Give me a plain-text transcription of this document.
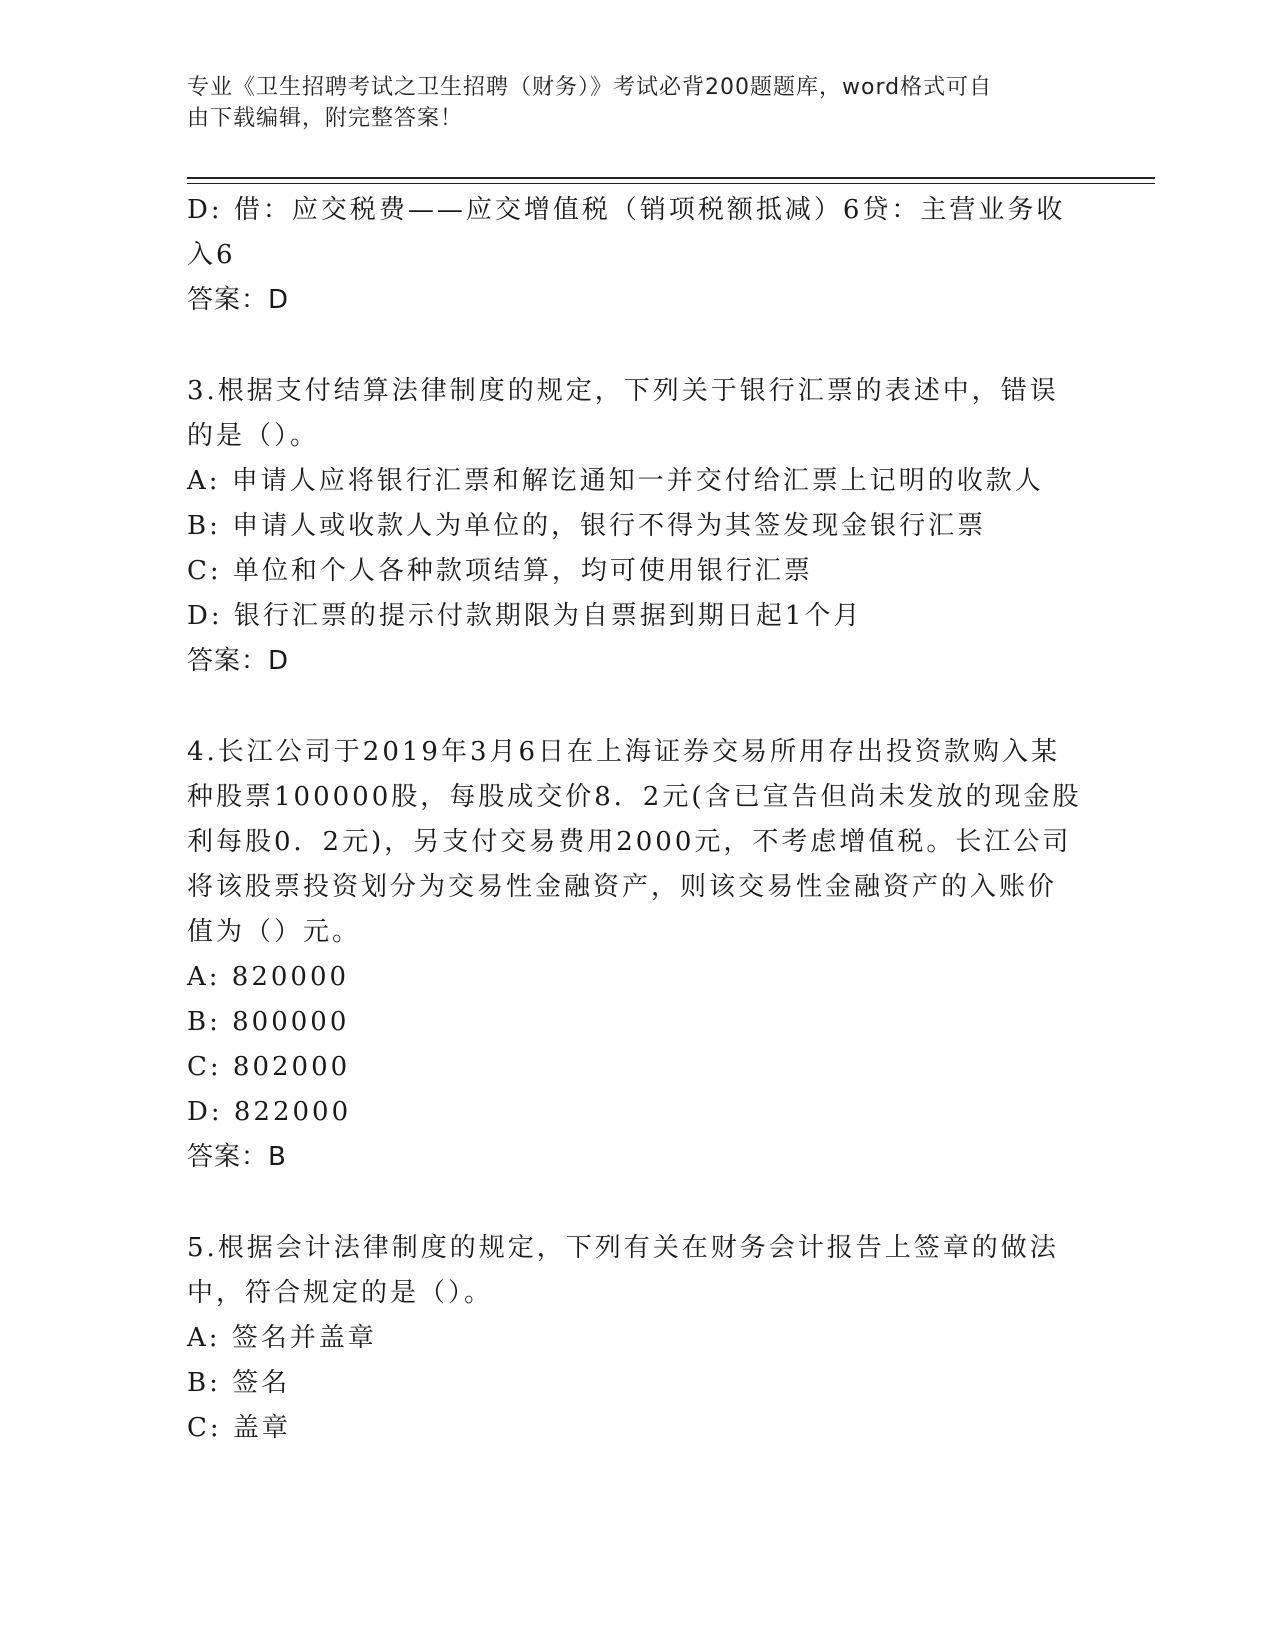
专业《卫生招聘考试之卫生招聘（财务）》考试必背200题题库，word格式可自
由下载编辑，附完整答案！
D: 借：应交税费——应交增值税（销项税额抵减）6贷：主营业务收
入6
答案：D
3.根据支付结算法律制度的规定，下列关于银行汇票的表述中，错误
的是（）。
A: 申请人应将银行汇票和解讫通知一并交付给汇票上记明的收款人
B: 申请人或收款人为单位的，银行不得为其签发现金银行汇票
C: 单位和个人各种款项结算，均可使用银行汇票
D: 银行汇票的提示付款期限为自票据到期日起1个月
答案：D
4.长江公司于2019年3月6日在上海证券交易所用存出投资款购入某
种股票100000股，每股成交价8．2元(含已宣告但尚未发放的现金股
利每股0．2元)，另支付交易费用2000元，不考虑增值税。长江公司
将该股票投资划分为交易性金融资产，则该交易性金融资产的入账价
值为（）元。
A: 820000
B: 800000
C: 802000
D: 822000
答案：B
5.根据会计法律制度的规定，下列有关在财务会计报告上签章的做法
中，符合规定的是（）。
A: 签名并盖章
B: 签名
C: 盖章
